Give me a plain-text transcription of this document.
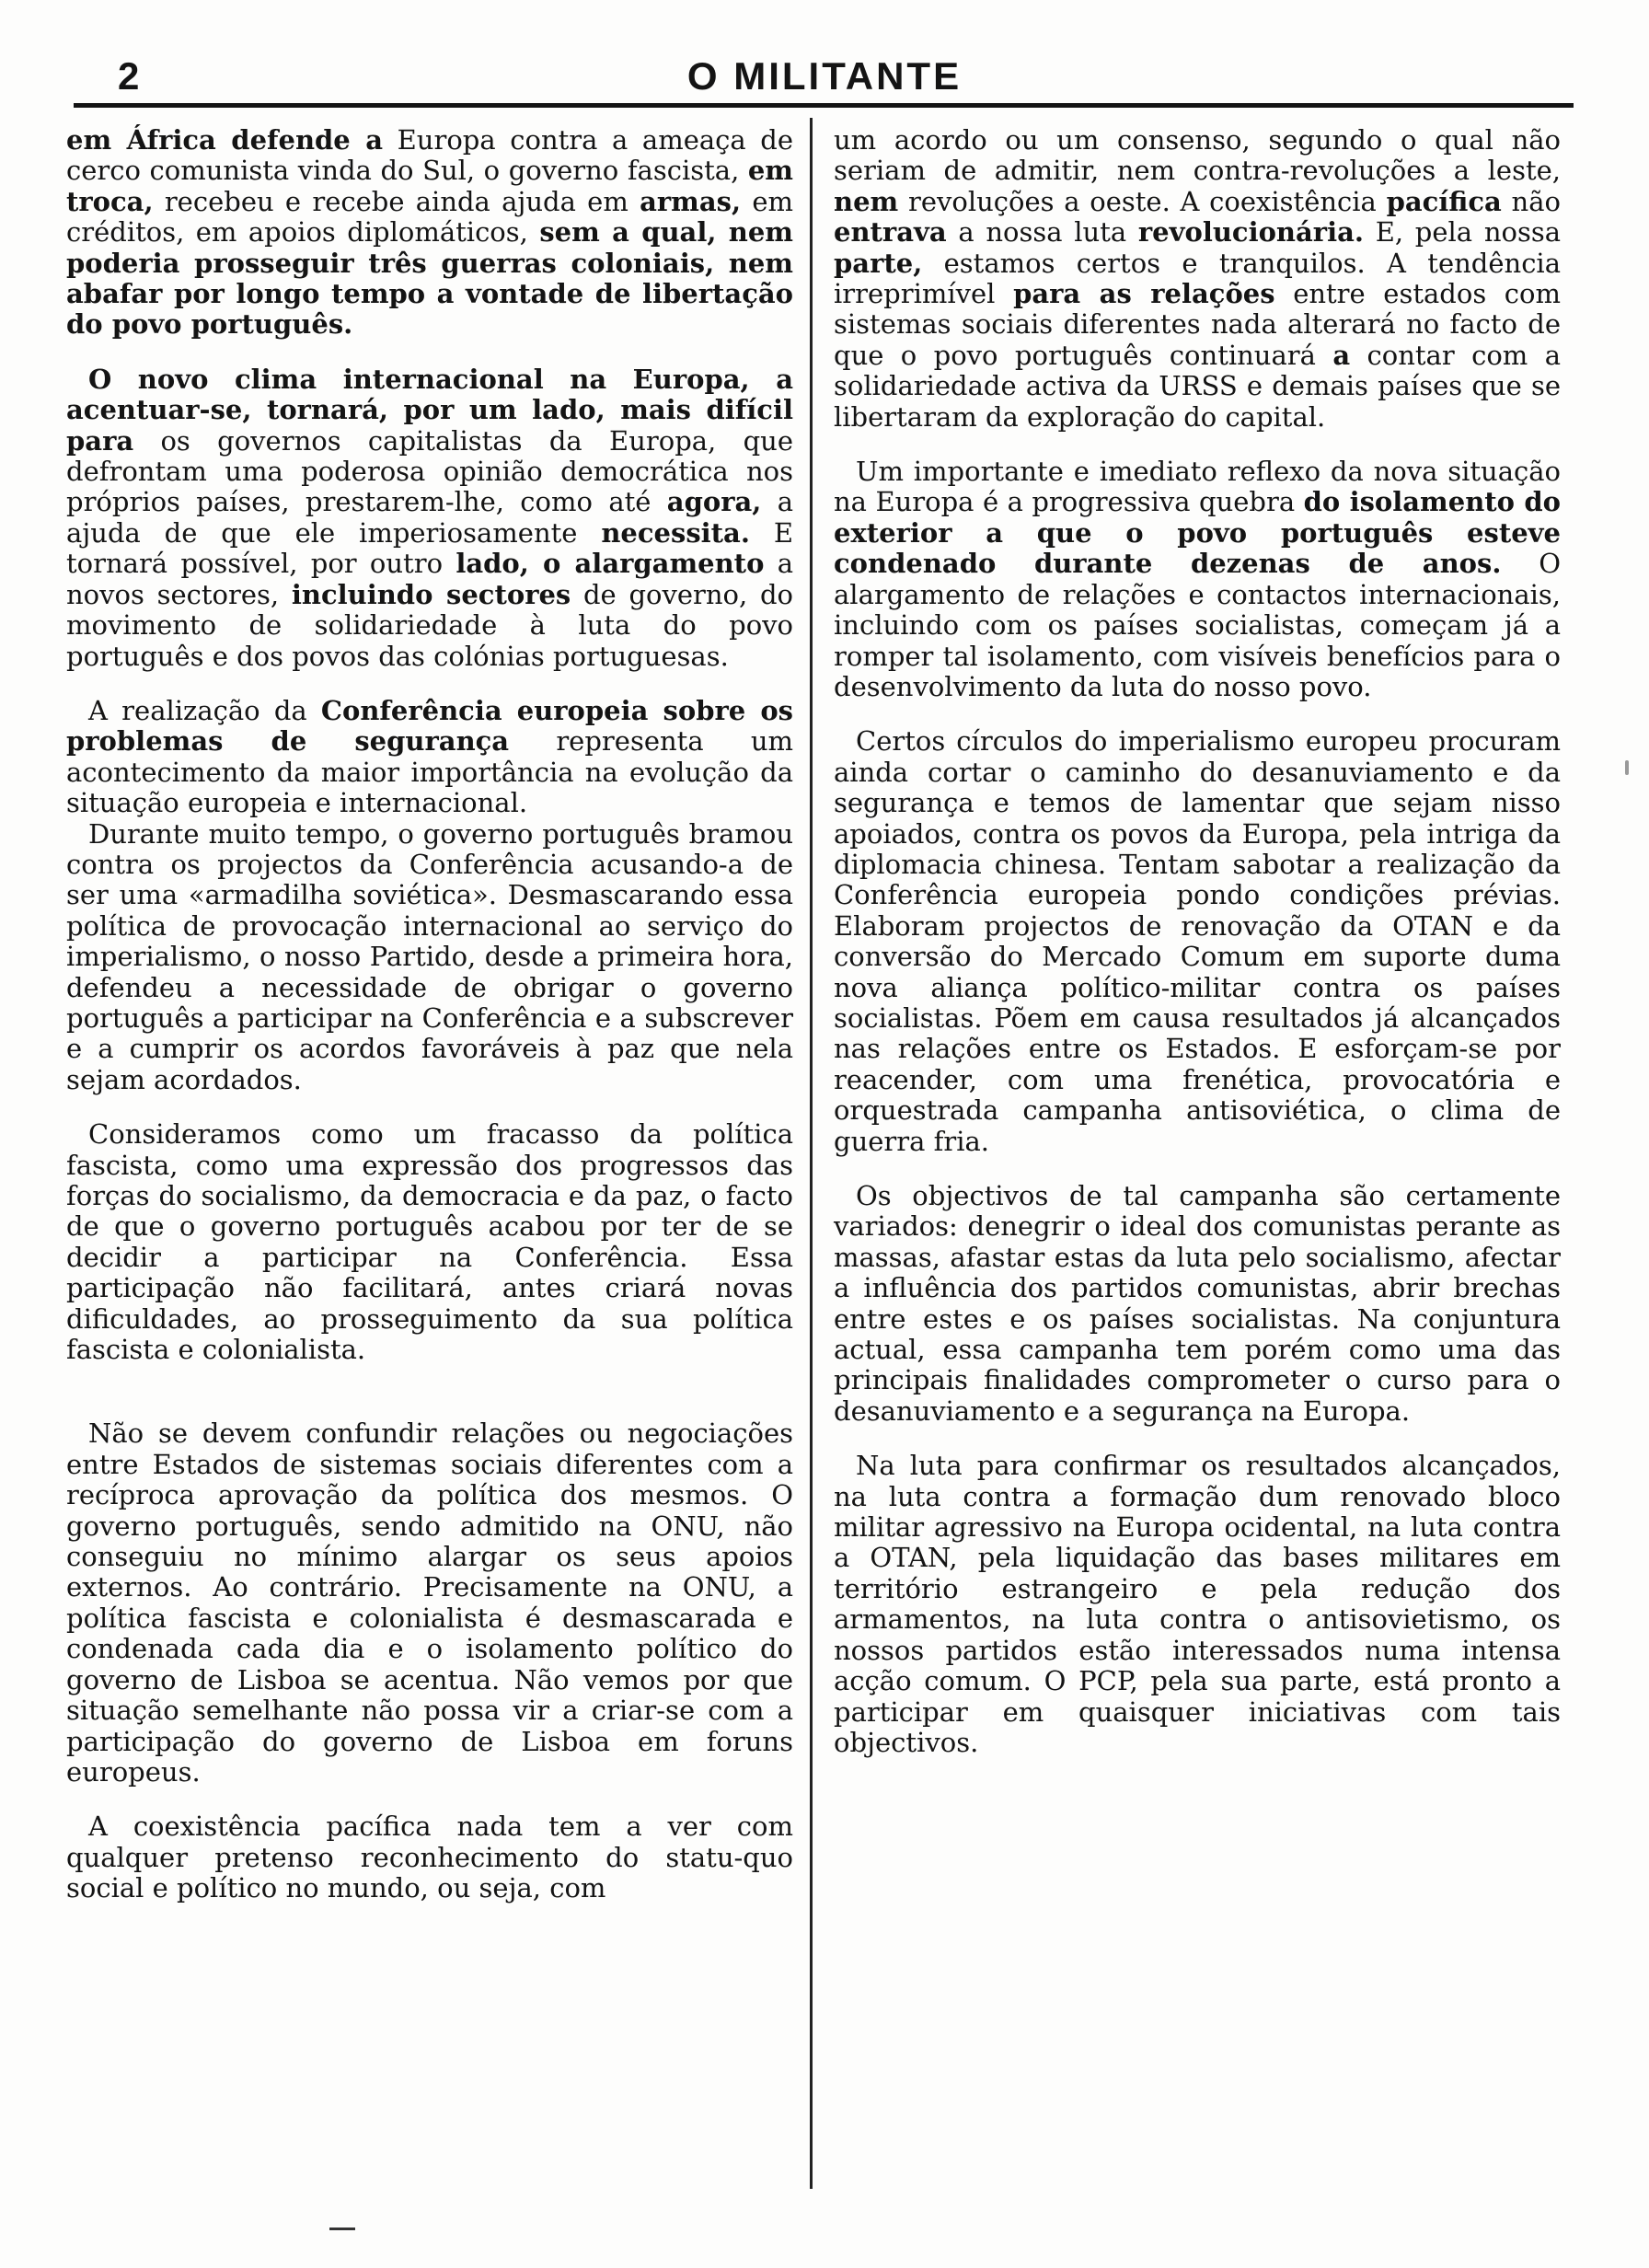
2	O MILITANTE

em África defende a Europa contra a ameaça de cerco comunista vinda do Sul, o governo fascista, em troca, recebeu e recebe ainda ajuda em armas, em créditos, em apoios diplomáticos, sem a qual, nem poderia prosseguir três guerras coloniais, nem abafar por longo tempo a vontade de libertação do povo português.

O novo clima internacional na Europa, a acentuar-se, tornará, por um lado, mais difícil para os governos capitalistas da Europa, que defrontam uma poderosa opinião democrática nos próprios países, prestarem-lhe, como até agora, a ajuda de que ele imperiosamente necessita. E tornará possível, por outro lado, o alargamento a novos sectores, incluindo sectores de governo, do movimento de solidariedade à luta do povo português e dos povos das colónias portuguesas.

A realização da Conferência europeia sobre os problemas de segurança representa um acontecimento da maior importância na evolução da situação europeia e internacional.

Durante muito tempo, o governo português bramou contra os projectos da Conferência acusando-a de ser uma «armadilha soviética». Desmascarando essa política de provocação internacional ao serviço do imperialismo, o nosso Partido, desde a primeira hora, defendeu a necessidade de obrigar o governo português a participar na Conferência e a subscrever e a cumprir os acordos favoráveis à paz que nela sejam acordados.

Consideramos como um fracasso da política fascista, como uma expressão dos progressos das forças do socialismo, da democracia e da paz, o facto de que o governo português acabou por ter de se decidir a participar na Conferência. Essa participação não facilitará, antes criará novas dificuldades, ao prosseguimento da sua política fascista e colonialista.

Não se devem confundir relações ou negociações entre Estados de sistemas sociais diferentes com a recíproca aprovação da política dos mesmos. O governo português, sendo admitido na ONU, não conseguiu no mínimo alargar os seus apoios externos. Ao contrário. Precisamente na ONU, a política fascista e colonialista é desmascarada e condenada cada dia e o isolamento político do governo de Lisboa se acentua. Não vemos por que situação semelhante não possa vir a criar-se com a participação do governo de Lisboa em foruns europeus.

A coexistência pacífica nada tem a ver com qualquer pretenso reconhecimento do statu-quo social e político no mundo, ou seja, com

um acordo ou um consenso, segundo o qual não seriam de admitir, nem contra-revoluções a leste, nem revoluções a oeste. A coexistência pacífica não entrava a nossa luta revolucionária. E, pela nossa parte, estamos certos e tranquilos. A tendência irreprimível para as relações entre estados com sistemas sociais diferentes nada alterará no facto de que o povo português continuará a contar com a solidariedade activa da URSS e demais países que se libertaram da exploração do capital.

Um importante e imediato reflexo da nova situação na Europa é a progressiva quebra do isolamento do exterior a que o povo português esteve condenado durante dezenas de anos. O alargamento de relações e contactos internacionais, incluindo com os países socialistas, começam já a romper tal isolamento, com visíveis benefícios para o desenvolvimento da luta do nosso povo.

Certos círculos do imperialismo europeu procuram ainda cortar o caminho do desanuviamento e da segurança e temos de lamentar que sejam nisso apoiados, contra os povos da Europa, pela intriga da diplomacia chinesa. Tentam sabotar a realização da Conferência europeia pondo condições prévias. Elaboram projectos de renovação da OTAN e da conversão do Mercado Comum em suporte duma nova aliança político-militar contra os países socialistas. Põem em causa resultados já alcançados nas relações entre os Estados. E esforçam-se por reacender, com uma frenética, provocatória e orquestrada campanha antisoviética, o clima de guerra fria.

Os objectivos de tal campanha são certamente variados: denegrir o ideal dos comunistas perante as massas, afastar estas da luta pelo socialismo, afectar a influência dos partidos comunistas, abrir brechas entre estes e os países socialistas. Na conjuntura actual, essa campanha tem porém como uma das principais finalidades comprometer o curso para o desanuviamento e a segurança na Europa.

Na luta para confirmar os resultados alcançados, na luta contra a formação dum renovado bloco militar agressivo na Europa ocidental, na luta contra a OTAN, pela liquidação das bases militares em território estrangeiro e pela redução dos armamentos, na luta contra o antisovietismo, os nossos partidos estão interessados numa intensa acção comum. O PCP, pela sua parte, está pronto a participar em quaisquer iniciativas com tais objectivos.
